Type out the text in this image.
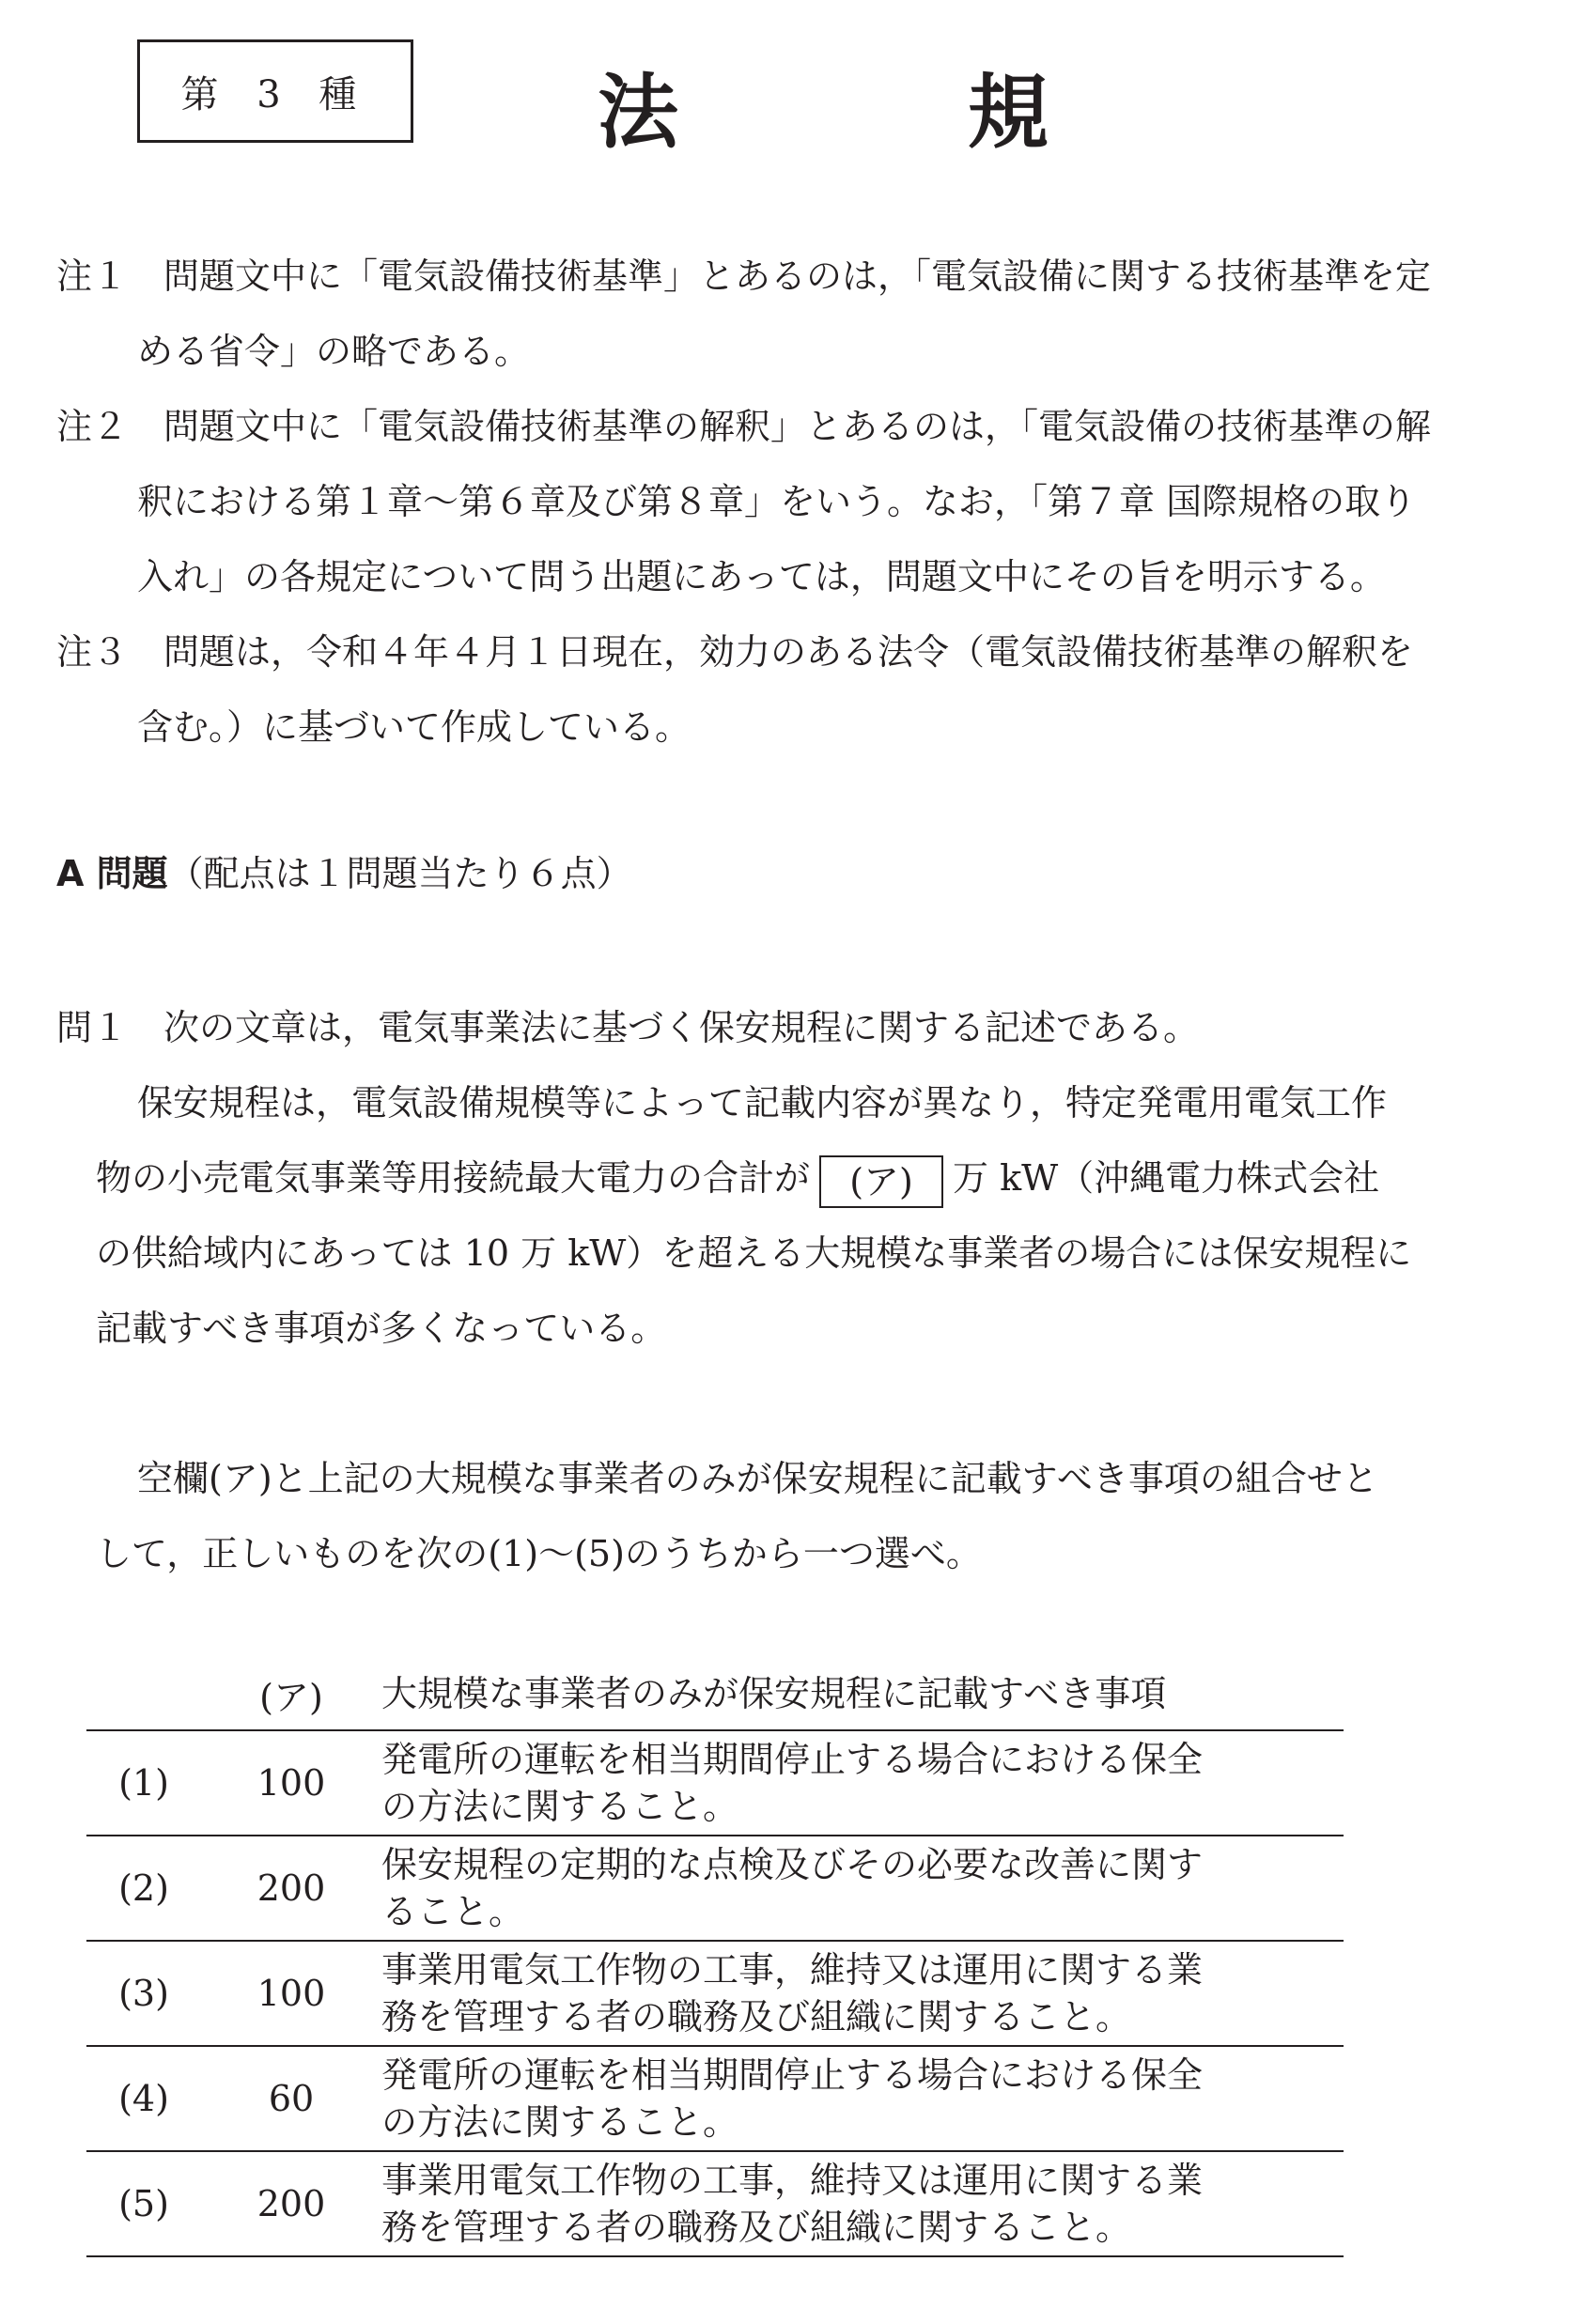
第 3 種	法	規
注１　問題文中に「電気設備技術基準」とあるのは，「電気設備に関する技術基準を定
める省令」の略である。
注２　問題文中に「電気設備技術基準の解釈」とあるのは，「電気設備の技術基準の解
釈における第１章～第６章及び第８章」をいう。なお，「第７章 国際規格の取り
入れ」の各規定について問う出題にあっては，問題文中にその旨を明示する。
注３　問題は，令和４年４月１日現在，効力のある法令（電気設備技術基準の解釈を
含む。）に基づいて作成している。
A 問題（配点は１問題当たり６点）
問１　次の文章は，電気事業法に基づく保安規程に関する記述である。
保安規程は，電気設備規模等によって記載内容が異なり，特定発電用電気工作
物の小売電気事業等用接続最大電力の合計が (ア) 万 kW（沖縄電力株式会社
の供給域内にあっては 10 万 kW）を超える大規模な事業者の場合には保安規程に
記載すべき事項が多くなっている。
空欄(ア)と上記の大規模な事業者のみが保安規程に記載すべき事項の組合せと
して，正しいものを次の(1)～(5)のうちから一つ選べ。
	(ア)	大規模な事業者のみが保安規程に記載すべき事項
(1)	100	発電所の運転を相当期間停止する場合における保全
の方法に関すること。

(2)	200	保安規程の定期的な点検及びその必要な改善に関す
ること。

(3)	100	事業用電気工作物の工事，維持又は運用に関する業
務を管理する者の職務及び組織に関すること。

(4)	60	発電所の運転を相当期間停止する場合における保全
の方法に関すること。

(5)	200	事業用電気工作物の工事，維持又は運用に関する業
務を管理する者の職務及び組織に関すること。
